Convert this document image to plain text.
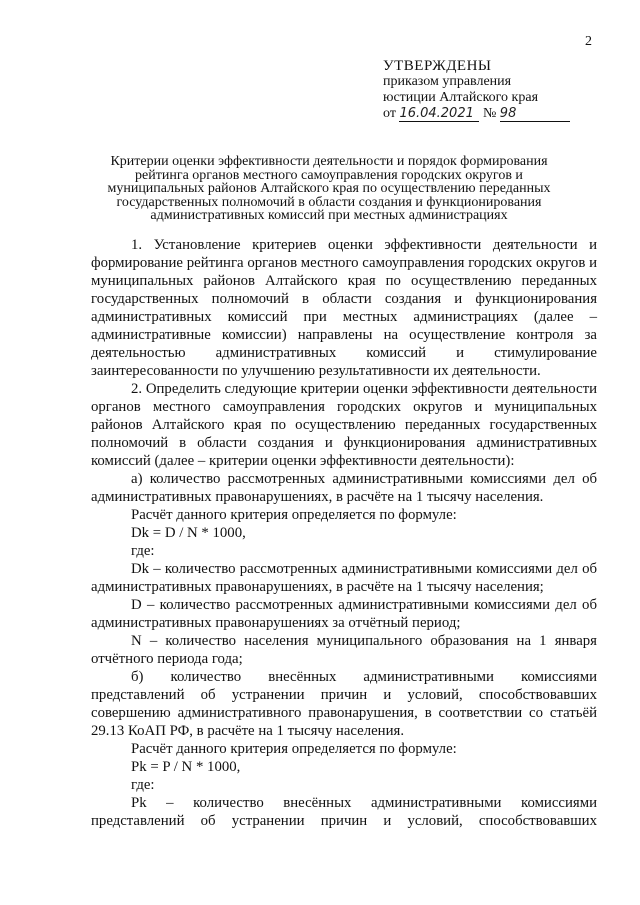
2
УТВЕРЖДЕНЫ
приказом управления
юстиции Алтайского края
от 16.04.2021 № 98
Критерии оценки эффективности деятельности и порядок формирования рейтинга органов местного самоуправления городских округов и муниципальных районов Алтайского края по осуществлению переданных государственных полномочий в области создания и функционирования административных комиссий при местных администрациях

1. Установление критериев оценки эффективности деятельности и формирование рейтинга органов местного самоуправления городских округов и муниципальных районов Алтайского края по осуществлению переданных государственных полномочий в области создания и функционирования административных комиссий при местных администрациях (далее – административные комиссии) направлены на осуществление контроля за деятельностью административных комиссий и стимулирование заинтересованности по улучшению результативности их деятельности.

2. Определить следующие критерии оценки эффективности деятельности органов местного самоуправления городских округов и муниципальных районов Алтайского края по осуществлению переданных государственных полномочий в области создания и функционирования административных комиссий (далее – критерии оценки эффективности деятельности):

а) количество рассмотренных административными комиссиями дел об административных правонарушениях, в расчёте на 1 тысячу населения.

Расчёт данного критерия определяется по формуле:

Dk = D / N * 1000,

где:

Dk – количество рассмотренных административными комиссиями дел об административных правонарушениях, в расчёте на 1 тысячу населения;

D – количество рассмотренных административными комиссиями дел об административных правонарушениях за отчётный период;

N – количество населения муниципального образования на 1 января отчётного периода года;

б) количество внесённых административными комиссиями представлений об устранении причин и условий, способствовавших совершению административного правонарушения, в соответствии со статьёй 29.13 КоАП РФ, в расчёте на 1 тысячу населения.

Расчёт данного критерия определяется по формуле:

Pk = P / N * 1000,

где:

Pk – количество внесённых административными комиссиями представлений об устранении причин и условий, способствовавших
